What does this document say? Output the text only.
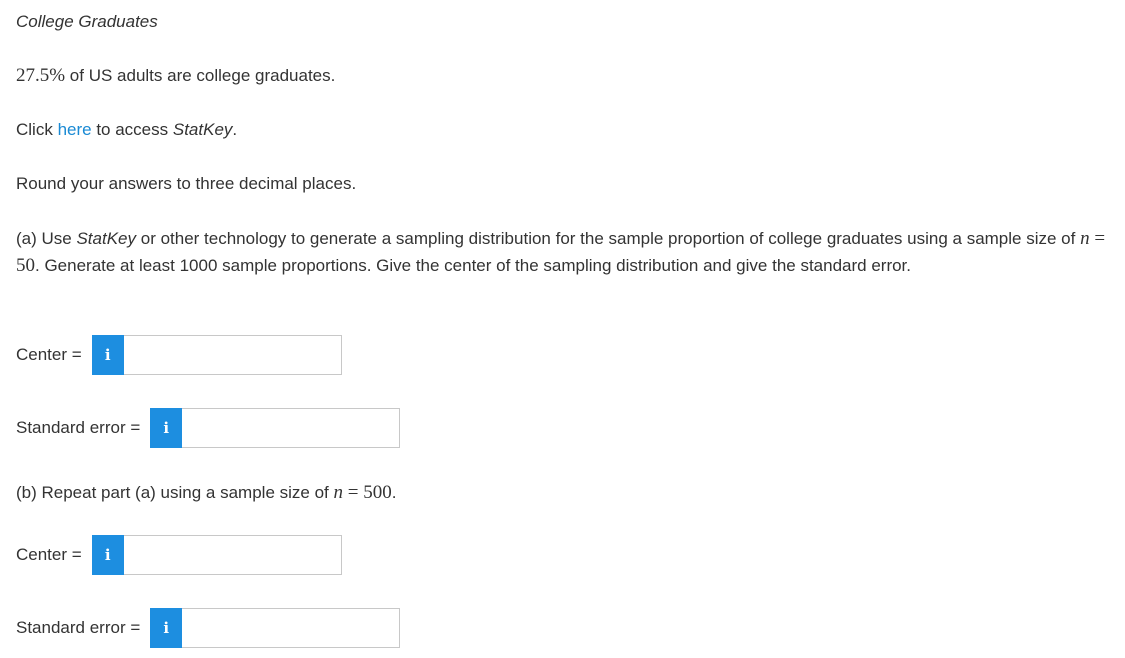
College Graduates
27.5% of US adults are college graduates.
Click here to access StatKey.
Round your answers to three decimal places.
(a) Use StatKey or other technology to generate a sampling distribution for the sample proportion of college graduates using a sample size of n = 50. Generate at least 1000 sample proportions. Give the center of the sampling distribution and give the standard error.
Center =	i
Standard error =	i
(b) Repeat part (a) using a sample size of n = 500.
Center =	i
Standard error =	i
